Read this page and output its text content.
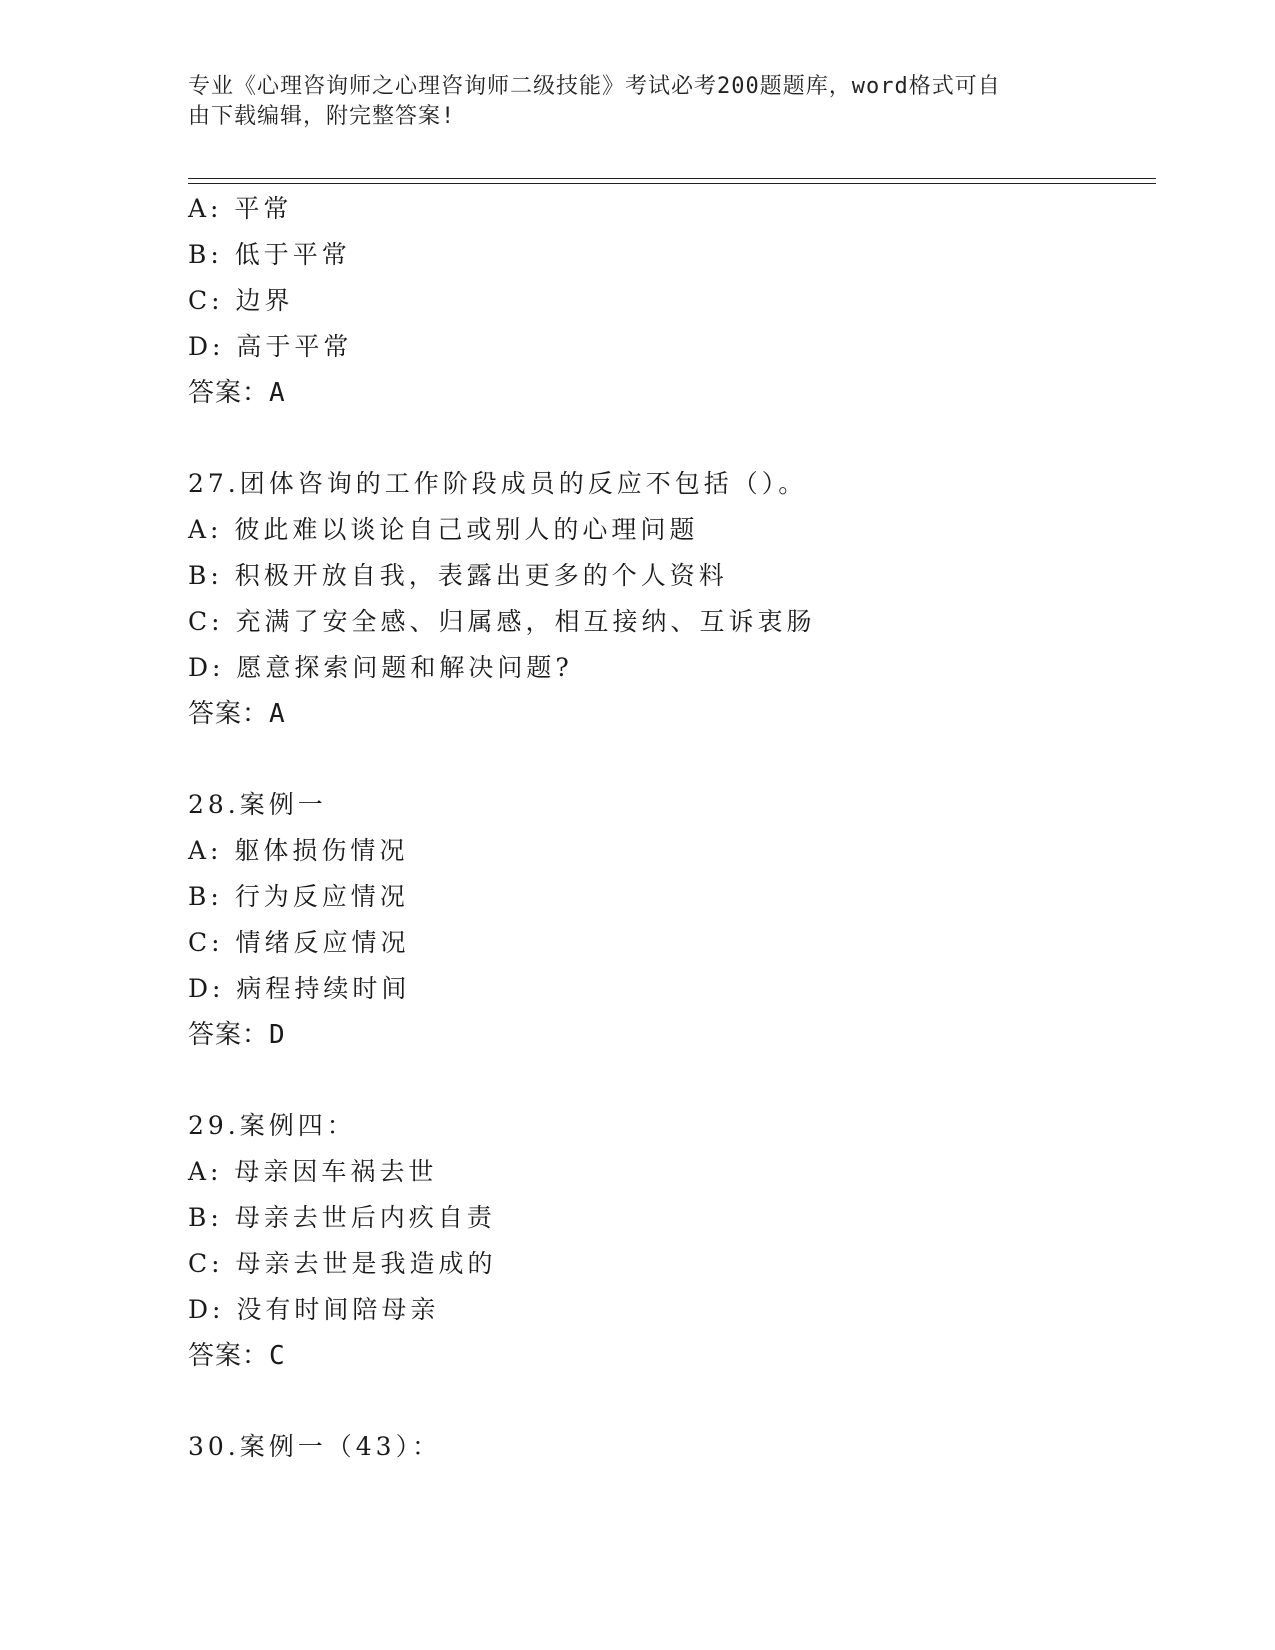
专业《心理咨询师之心理咨询师二级技能》考试必考200题题库，word格式可自
由下载编辑，附完整答案!
A: 平常
B: 低于平常
C: 边界
D: 高于平常
答案：A
27.团体咨询的工作阶段成员的反应不包括（）。
A: 彼此难以谈论自己或别人的心理问题
B: 积极开放自我，表露出更多的个人资料
C: 充满了安全感、归属感，相互接纳、互诉衷肠
D: 愿意探索问题和解决问题?
答案：A
28.案例一
A: 躯体损伤情况
B: 行为反应情况
C: 情绪反应情况
D: 病程持续时间
答案：D
29.案例四：
A: 母亲因车祸去世
B: 母亲去世后内疚自责
C: 母亲去世是我造成的
D: 没有时间陪母亲
答案：C
30.案例一（43）：
